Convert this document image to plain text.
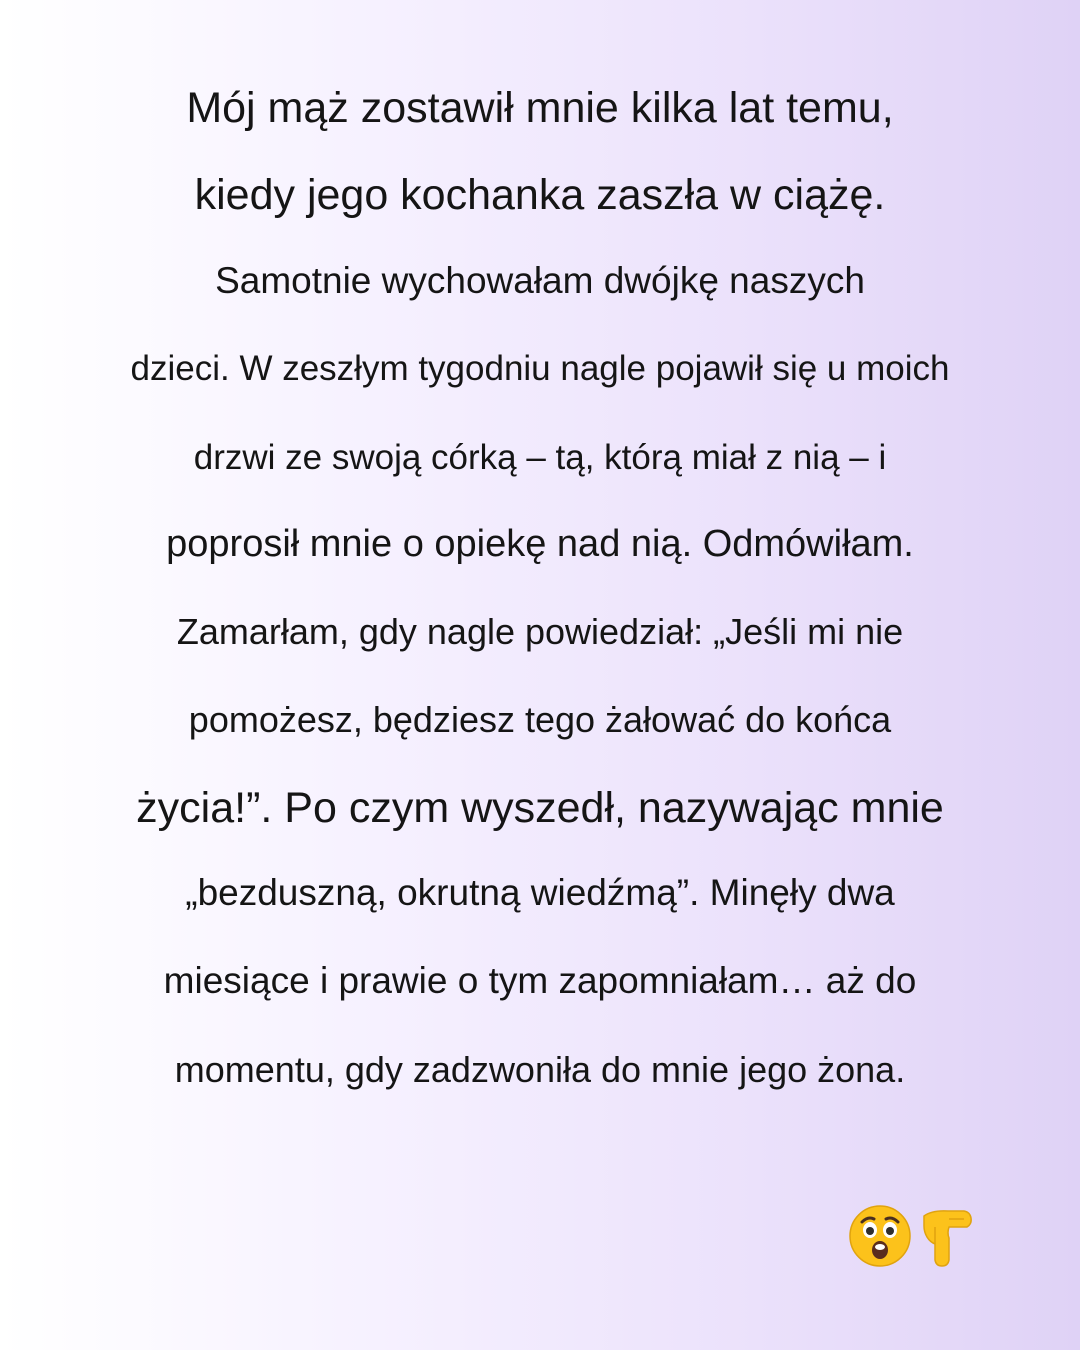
Mój mąż zostawił mnie kilka lat temu,
kiedy jego kochanka zaszła w ciążę.
Samotnie wychowałam dwójkę naszych
dzieci. W zeszłym tygodniu nagle pojawił się u moich
drzwi ze swoją córką – tą, którą miał z nią – i
poprosił mnie o opiekę nad nią. Odmówiłam.
Zamarłam, gdy nagle powiedział: „Jeśli mi nie
pomożesz, będziesz tego żałować do końca
życia!”. Po czym wyszedł, nazywając mnie
„bezduszną, okrutną wiedźmą”. Minęły dwa
miesiące i prawie o tym zapomniałam… aż do
momentu, gdy zadzwoniła do mnie jego żona.
